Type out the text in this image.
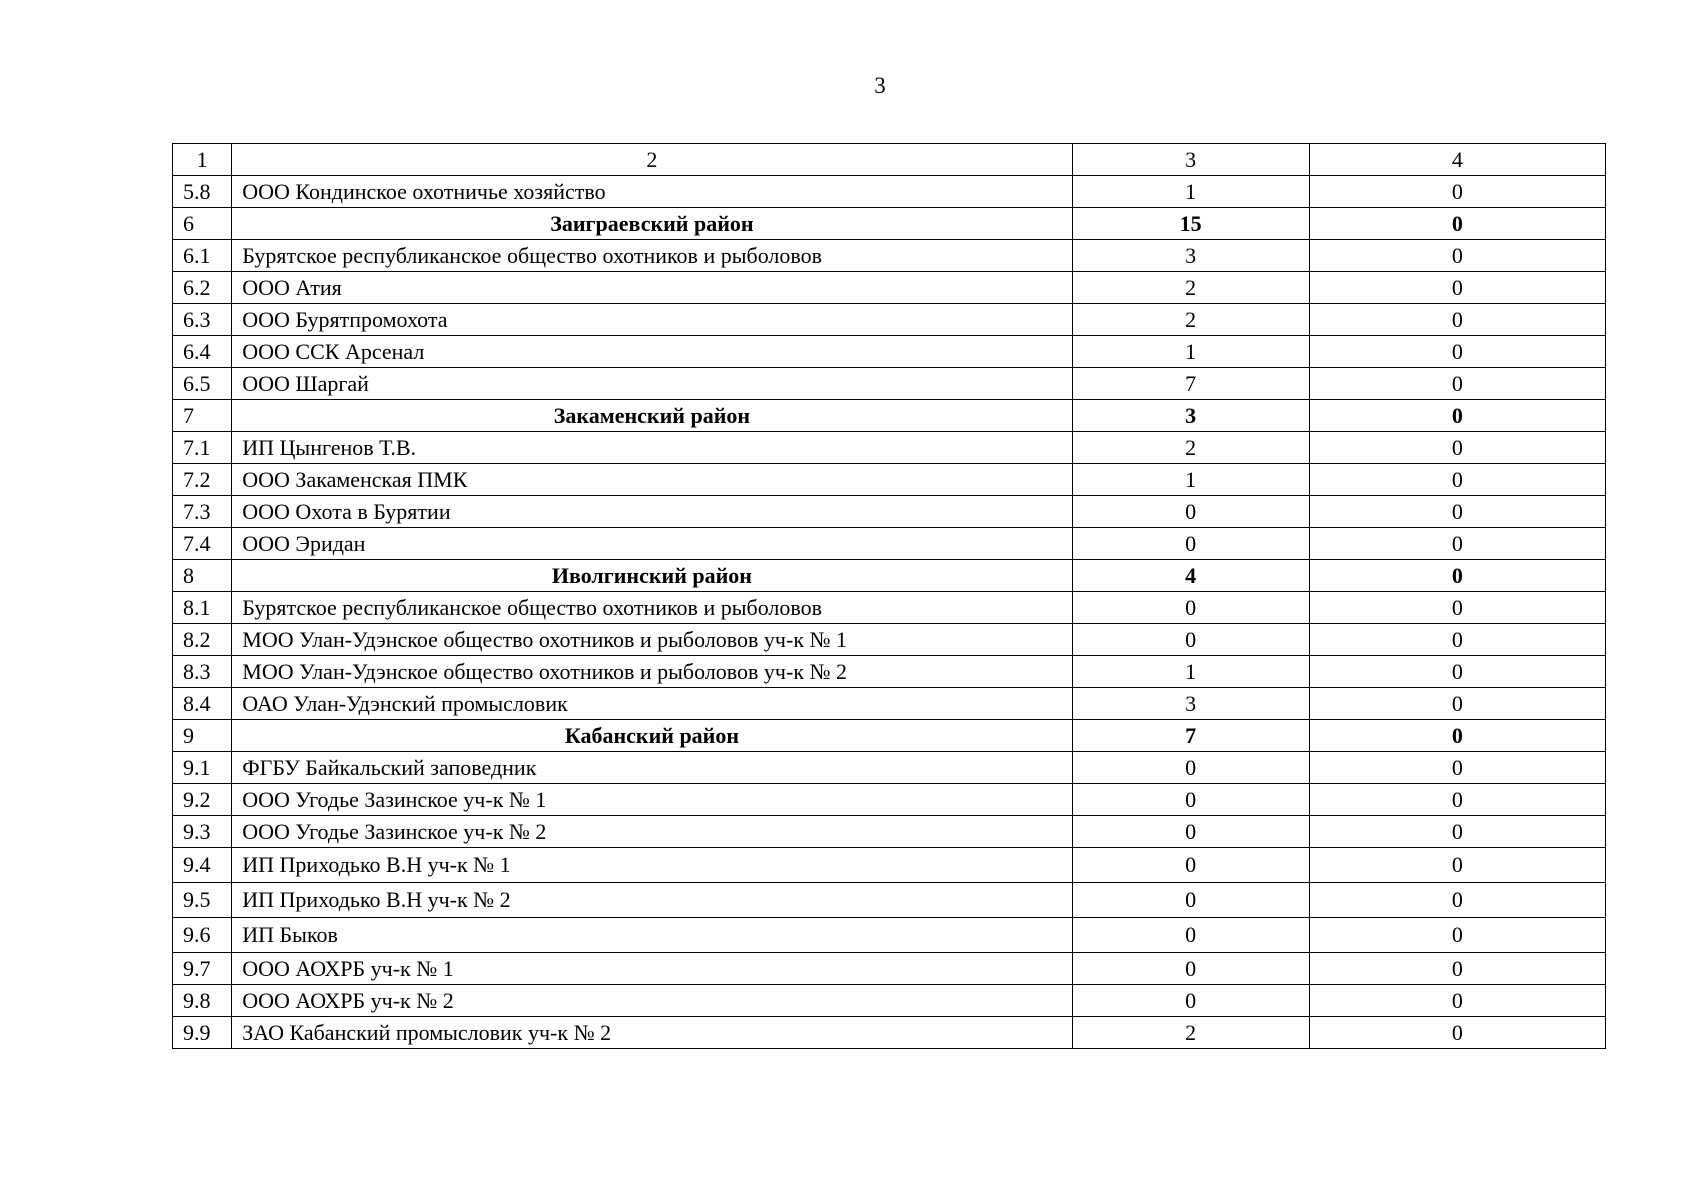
3
1	2	3	4
5.8	ООО Кондинское охотничье хозяйство	1	0
6	Заиграевский район	15	0
6.1	Бурятское республиканское общество охотников и рыболовов	3	0
6.2	ООО Атия	2	0
6.3	ООО Бурятпромохота	2	0
6.4	ООО ССК Арсенал	1	0
6.5	ООО Шаргай	7	0
7	Закаменский район	3	0
7.1	ИП Цынгенов Т.В.	2	0
7.2	ООО Закаменская ПМК	1	0
7.3	ООО Охота в Бурятии	0	0
7.4	ООО Эридан	0	0
8	Иволгинский район	4	0
8.1	Бурятское республиканское общество охотников и рыболовов	0	0
8.2	МОО Улан-Удэнское общество охотников и рыболовов уч-к № 1	0	0
8.3	МОО Улан-Удэнское общество охотников и рыболовов уч-к № 2	1	0
8.4	ОАО Улан-Удэнский промысловик	3	0
9	Кабанский район	7	0
9.1	ФГБУ Байкальский заповедник	0	0
9.2	ООО Угодье Зазинское уч-к № 1	0	0
9.3	ООО Угодье Зазинское уч-к № 2	0	0
9.4	ИП Приходько В.Н уч-к № 1	0	0
9.5	ИП Приходько В.Н уч-к № 2	0	0
9.6	ИП Быков	0	0
9.7	ООО АОХРБ уч-к № 1	0	0
9.8	ООО АОХРБ уч-к № 2	0	0
9.9	ЗАО Кабанский промысловик уч-к № 2	2	0
